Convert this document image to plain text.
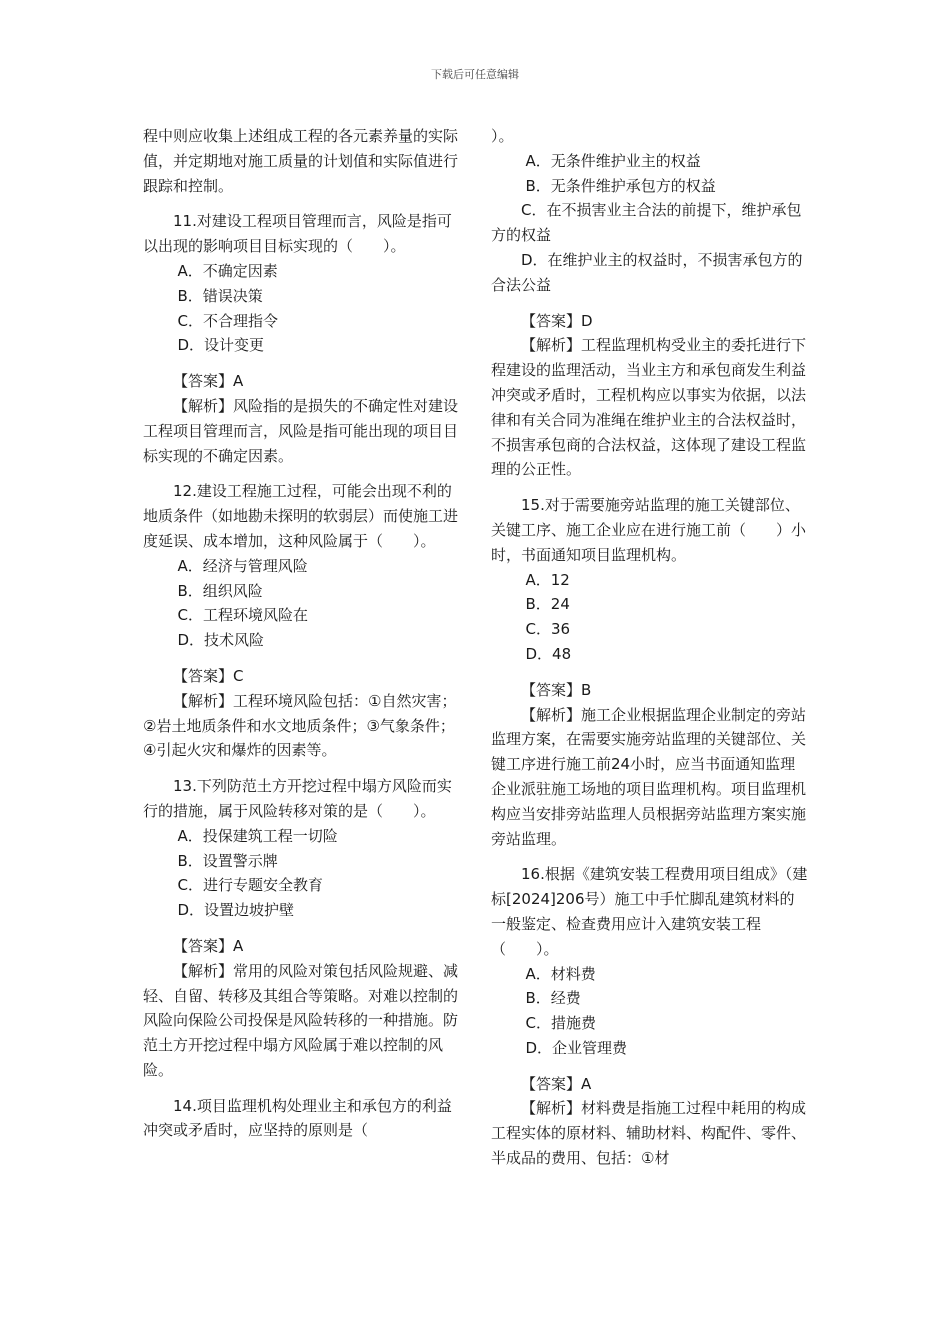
下载后可任意编辑

程中则应收集上述组成工程的各元素养量的实际值，并定期地对施工质量的计划值和实际值进行跟踪和控制。

11.对建设工程项目管理而言，风险是指可以出现的影响项目目标实现的（　　）。

A．不确定因素

B．错误决策

C．不合理指令

D．设计变更

【答案】A

【解析】风险指的是损失的不确定性对建设工程项目管理而言，风险是指可能出现的项目目标实现的不确定因素。

12.建设工程施工过程，可能会出现不利的地质条件（如地勘未探明的软弱层）而使施工进度延误、成本增加，这种风险属于（　　）。

A．经济与管理风险

B．组织风险

C．工程环境风险在

D．技术风险

【答案】C

【解析】工程环境风险包括：①自然灾害；②岩土地质条件和水文地质条件；③气象条件；④引起火灾和爆炸的因素等。

13.下列防范土方开挖过程中塌方风险而实行的措施，属于风险转移对策的是（　　）。

A．投保建筑工程一切险

B．设置警示牌

C．进行专题安全教育

D．设置边坡护壁

【答案】A

【解析】常用的风险对策包括风险规避、减轻、自留、转移及其组合等策略。对难以控制的风险向保险公司投保是风险转移的一种措施。防范土方开挖过程中塌方风险属于难以控制的风险。

14.项目监理机构处理业主和承包方的利益冲突或矛盾时，应坚持的原则是（

）。

A．无条件维护业主的权益

B．无条件维护承包方的权益

C．在不损害业主合法的前提下，维护承包方的权益

D．在维护业主的权益时，不损害承包方的合法公益

【答案】D

【解析】工程监理机构受业主的委托进行下程建设的监理活动，当业主方和承包商发生利益冲突或矛盾时，工程机构应以事实为依据，以法律和有关合同为准绳在维护业主的合法权益时，不损害承包商的合法权益，这体现了建设工程监理的公正性。

15.对于需要施旁站监理的施工关键部位、关键工序、施工企业应在进行施工前（　　）小时，书面通知项目监理机构。

A．12

B．24

C．36

D．48

【答案】B

【解析】施工企业根据监理企业制定的旁站监理方案，在需要实施旁站监理的关键部位、关键工序进行施工前24小时，应当书面通知监理企业派驻施工场地的项目监理机构。项目监理机构应当安排旁站监理人员根据旁站监理方案实施旁站监理。

16.根据《建筑安装工程费用项目组成》（建标[2024]206号）施工中手忙脚乱建筑材料的一般鉴定、检查费用应计入建筑安装工程（　　）。

A．材料费

B．经费

C．措施费

D．企业管理费

【答案】A

【解析】材料费是指施工过程中耗用的构成工程实体的原材料、辅助材料、构配件、零件、半成品的费用、包括：①材
